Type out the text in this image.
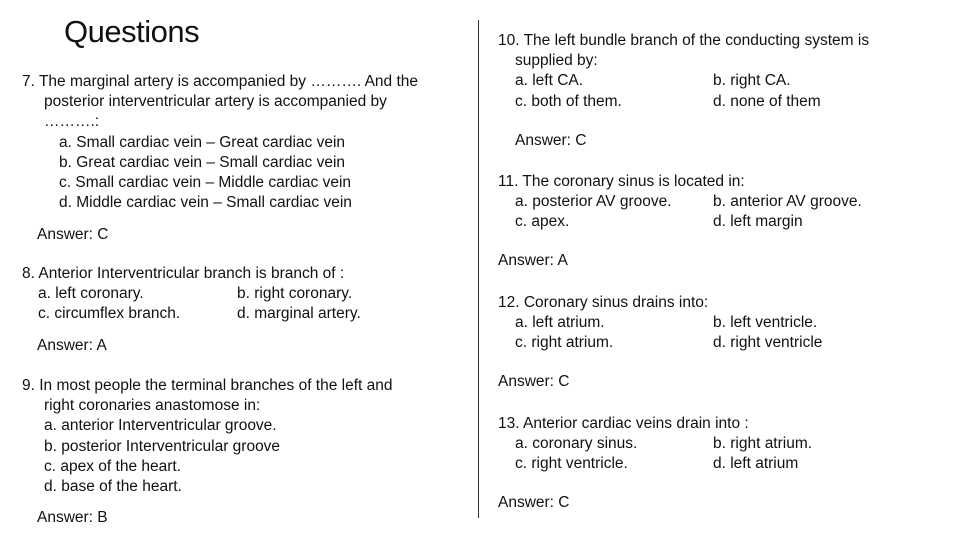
Questions
7. The marginal artery is accompanied by ………. And the
posterior interventricular artery is accompanied by
……….:
a. Small cardiac vein – Great cardiac vein
b. Great cardiac vein – Small cardiac vein
c. Small cardiac vein – Middle cardiac vein
d. Middle cardiac vein – Small cardiac vein
Answer: C
8. Anterior Interventricular branch is branch of :
a. left coronary.	b. right coronary.
c. circumflex branch.	d. marginal artery.
Answer: A
9. In most people the terminal branches of the left and
right coronaries anastomose in:
a. anterior Interventricular groove.
b. posterior Interventricular groove
c. apex of the heart.
d. base of the heart.
Answer: B
10. The left bundle branch of the conducting system is
supplied by:
a. left CA.	b. right CA.
c. both of them.	d. none of them
Answer: C
11. The coronary sinus is located in:
a. posterior AV groove.	b. anterior AV groove.
c. apex.	d. left margin
Answer: A
12. Coronary sinus drains into:
a. left atrium.	b. left ventricle.
c. right atrium.	d. right ventricle
Answer: C
13. Anterior cardiac veins drain into :
a. coronary sinus.	b. right atrium.
c. right ventricle.	d. left atrium
Answer: C
